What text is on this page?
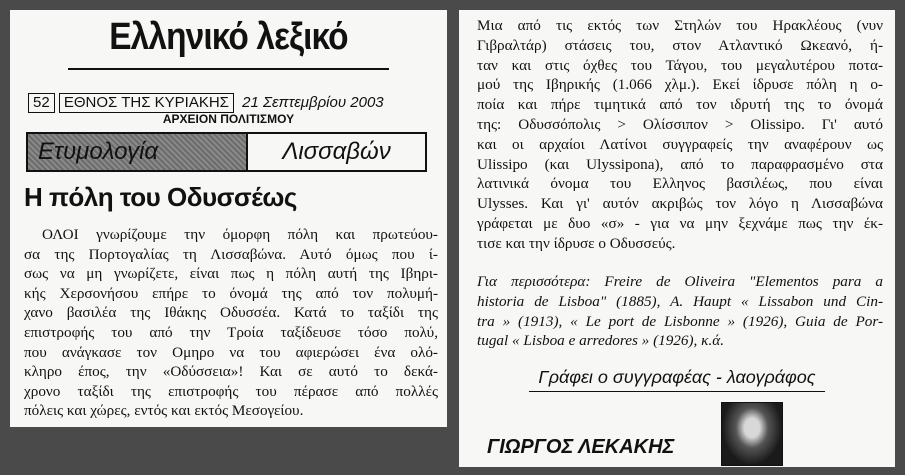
Ελληνικό λεξικό
52 ΕΘΝΟΣ ΤΗΣ ΚΥΡΙΑΚΗΣ 21 Σεπτεμβρίου 2003
ΑΡΧΕΙΟΝ ΠΟΛΙΤΙΣΜΟΥ
Ετυμολογία	Λισσαβών
Η πόλη του Οδυσσέως
ΟΛΟΙ γνωρίζουμε την όμορφη πόλη και πρωτεύου-
σα της Πορτογαλίας τη Λισσαβώνα. Αυτό όμως που ί-
σως να μη γνωρίζετε, είναι πως η πόλη αυτή της Ιβηρι-
κής Χερσονήσου επήρε το όνομά της από τον πολυμή-
χανο βασιλέα της Ιθάκης Οδυσσέα. Κατά το ταξίδι της
επιστροφής του από την Τροία ταξίδευσε τόσο πολύ,
που ανάγκασε τον Ομηρο να του αφιερώσει ένα ολό-
κληρο έπος, την «Οδύσσεια»! Και σε αυτό το δεκά-
χρονο ταξίδι της επιστροφής του πέρασε από πολλές
πόλεις και χώρες, εντός και εκτός Μεσογείου.
Μια από τις εκτός των Στηλών του Ηρακλέους (νυν
Γιβραλτάρ) στάσεις του, στον Ατλαντικό Ωκεανό, ή-
ταν και στις όχθες του Τάγου, του μεγαλυτέρου ποτα-
μού της Ιβηρικής (1.066 χλμ.). Εκεί ίδρυσε πόλη η ο-
ποία και πήρε τιμητικά από τον ιδρυτή της το όνομά
της: Οδυσσόπολις > Ολίσσιπον > Olissipo. Γι' αυτό
και οι αρχαίοι Λατίνοι συγγραφείς την αναφέρουν ως
Ulissipo (και Ulyssipona), από το παραφρασμένο στα
λατινικά όνομα του Ελληνος βασιλέως, που είναι
Ulysses. Και γι' αυτόν ακριβώς τον λόγο η Λισσαβώνα
γράφεται με δυο «σ» - για να μην ξεχνάμε πως την έκ-
τισε και την ίδρυσε ο Οδυσσεύς.
Για περισσότερα: Freire de Oliveira "Elementos para a
historia de Lisboa" (1885), A. Haupt « Lissabon und Cin-
tra » (1913), « Le port de Lisbonne » (1926), Guia de Por-
tugal « Lisboa e arredores » (1926), κ.ά.
Γράφει ο συγγραφέας - λαογράφος
ΓΙΩΡΓΟΣ ΛΕΚΑΚΗΣ
